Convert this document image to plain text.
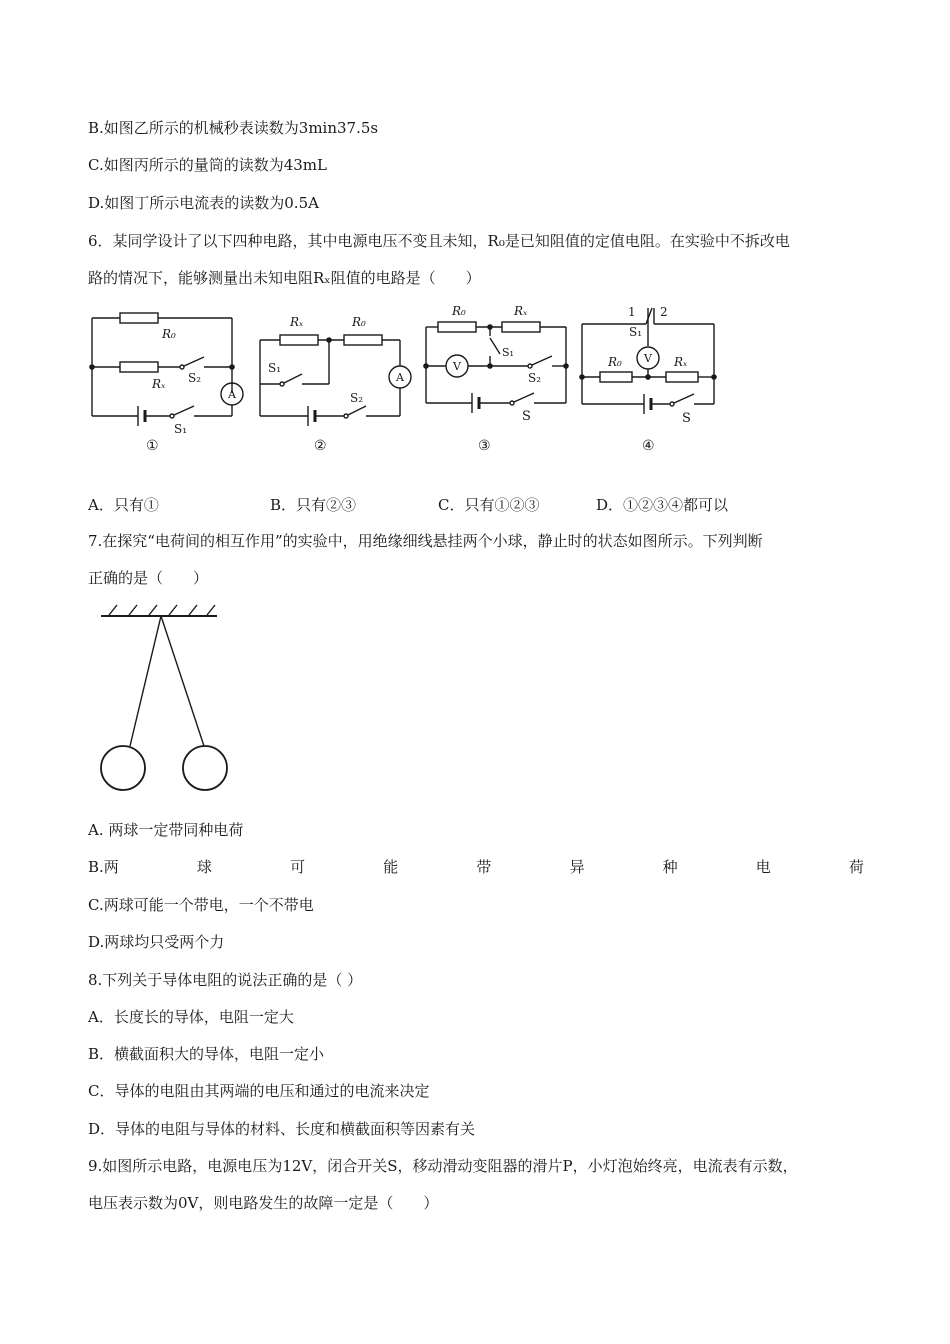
B.如图乙所示的机械秒表读数为3min37.5s
C.如图丙所示的量筒的读数为43mL
D.如图丁所示电流表的读数为0.5A
6．某同学设计了以下四种电路，其中电源电压不变且未知，R₀是已知阻值的定值电阻。在实验中不拆改电
路的情况下，能够测量出未知电阻Rₓ阻值的电路是（　　）
R₀
Rₓ S₂
A
S₁
①
Rₓ	R₀
S₁
A
S₂
②
R₀	Rₓ
S₁
V
S₂
S
③
1 2
S₁
V
R₀	Rₓ
S
④
A．只有①	B．只有②③	C．只有①②③	D．①②③④都可以
7.在探究“电荷间的相互作用”的实验中，用绝缘细线悬挂两个小球，静止时的状态如图所示。下列判断
正确的是（　　）
A. 两球一定带同种电荷
B.两	球	可	能	带	异	种	电	荷
C.两球可能一个带电，一个不带电
D.两球均只受两个力
8.下列关于导体电阻的说法正确的是（ ）
A．长度长的导体，电阻一定大
B．横截面积大的导体，电阻一定小
C．导体的电阻由其两端的电压和通过的电流来决定
D．导体的电阻与导体的材料、长度和横截面积等因素有关
9.如图所示电路，电源电压为12V，闭合开关S，移动滑动变阻器的滑片P，小灯泡始终亮，电流表有示数，
电压表示数为0V，则电路发生的故障一定是（　　）
